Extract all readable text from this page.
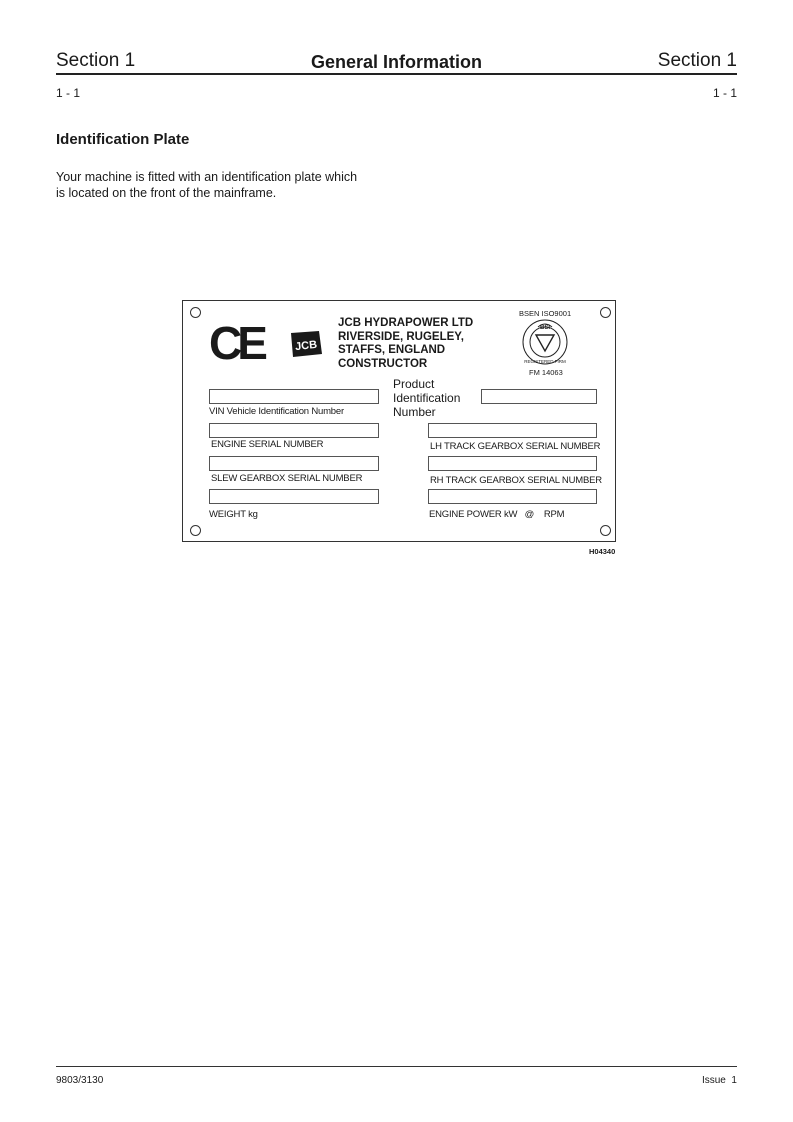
Section 1	General Information	Section 1
1 - 1	1 - 1
Identification Plate
Your machine is fitted with an identification plate which
is located on the front of the mainframe.
CE	JCB
JCB HYDRAPOWER LTD
RIVERSIDE, RUGELEY,
STAFFS, ENGLAND
CONSTRUCTOR
BSEN ISO9001
BSI
REGISTERED FIRM
FM 14063
VIN Vehicle Identification Number
Product
Identification
Number
ENGINE SERIAL NUMBER	LH TRACK GEARBOX SERIAL NUMBER
SLEW GEARBOX SERIAL NUMBER	RH TRACK GEARBOX SERIAL NUMBER
WEIGHT kg	ENGINE POWER kW   @    RPM
H04340
9803/3130	Issue  1
